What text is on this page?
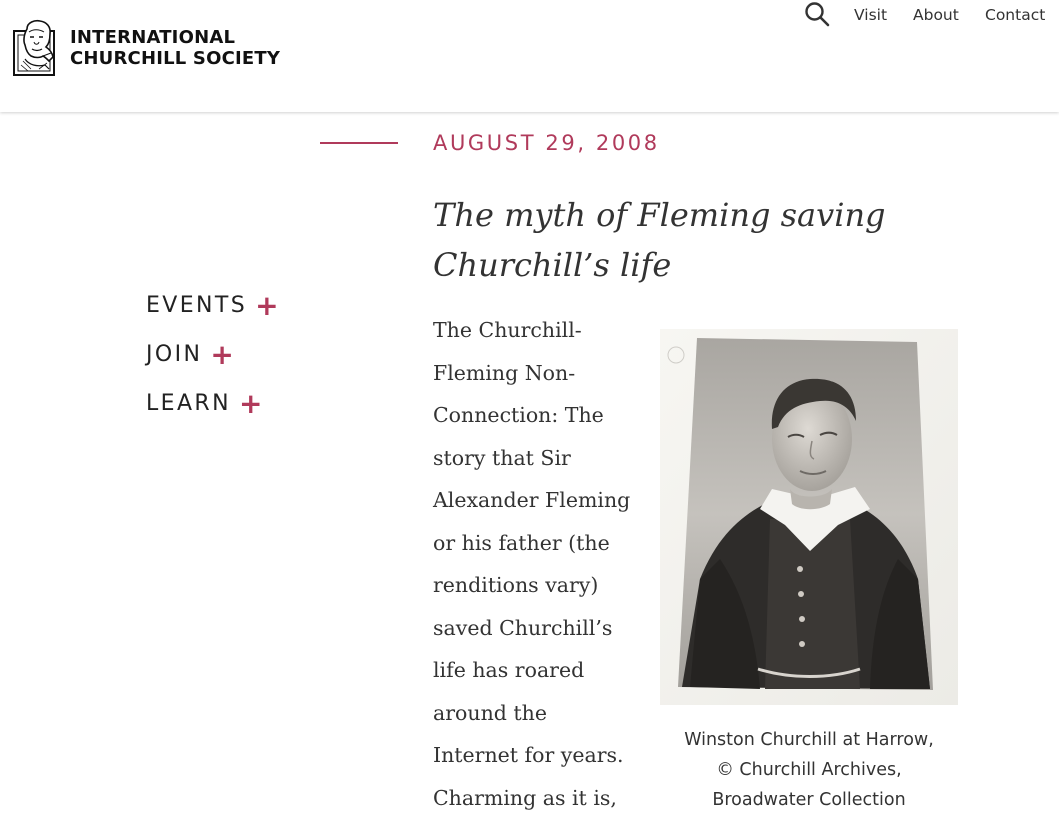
INTERNATIONAL
CHURCHILL SOCIETY
Visit About Contact
AUGUST 29, 2008
The myth of Fleming saving Churchill’s life
EVENTS +
JOIN +
LEARN +
The Churchill-
Fleming Non-
Connection: The
story that Sir
Alexander Fleming
or his father (the
renditions vary)
saved Churchill’s
life has roared
around the
Internet for years.
Charming as it is,
Winston Churchill at Harrow,
© Churchill Archives,
Broadwater Collection
